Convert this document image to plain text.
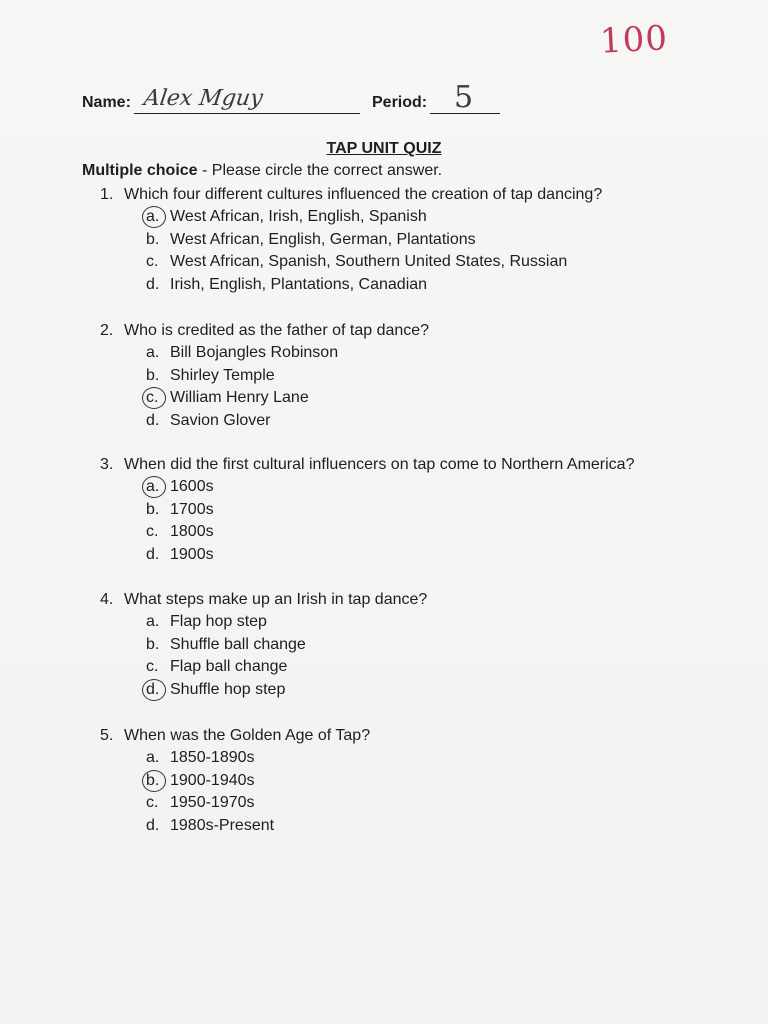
100
Name: Alex Mguy	Period: 5
TAP UNIT QUIZ
Multiple choice - Please circle the correct answer.
1. Which four different cultures influenced the creation of tap dancing?
a. West African, Irish, English, Spanish
b. West African, English, German, Plantations
c. West African, Spanish, Southern United States, Russian
d. Irish, English, Plantations, Canadian
2. Who is credited as the father of tap dance?
a. Bill Bojangles Robinson
b. Shirley Temple
c. William Henry Lane
d. Savion Glover
3. When did the first cultural influencers on tap come to Northern America?
a. 1600s
b. 1700s
c. 1800s
d. 1900s
4. What steps make up an Irish in tap dance?
a. Flap hop step
b. Shuffle ball change
c. Flap ball change
d. Shuffle hop step
5. When was the Golden Age of Tap?
a. 1850-1890s
b. 1900-1940s
c. 1950-1970s
d. 1980s-Present
